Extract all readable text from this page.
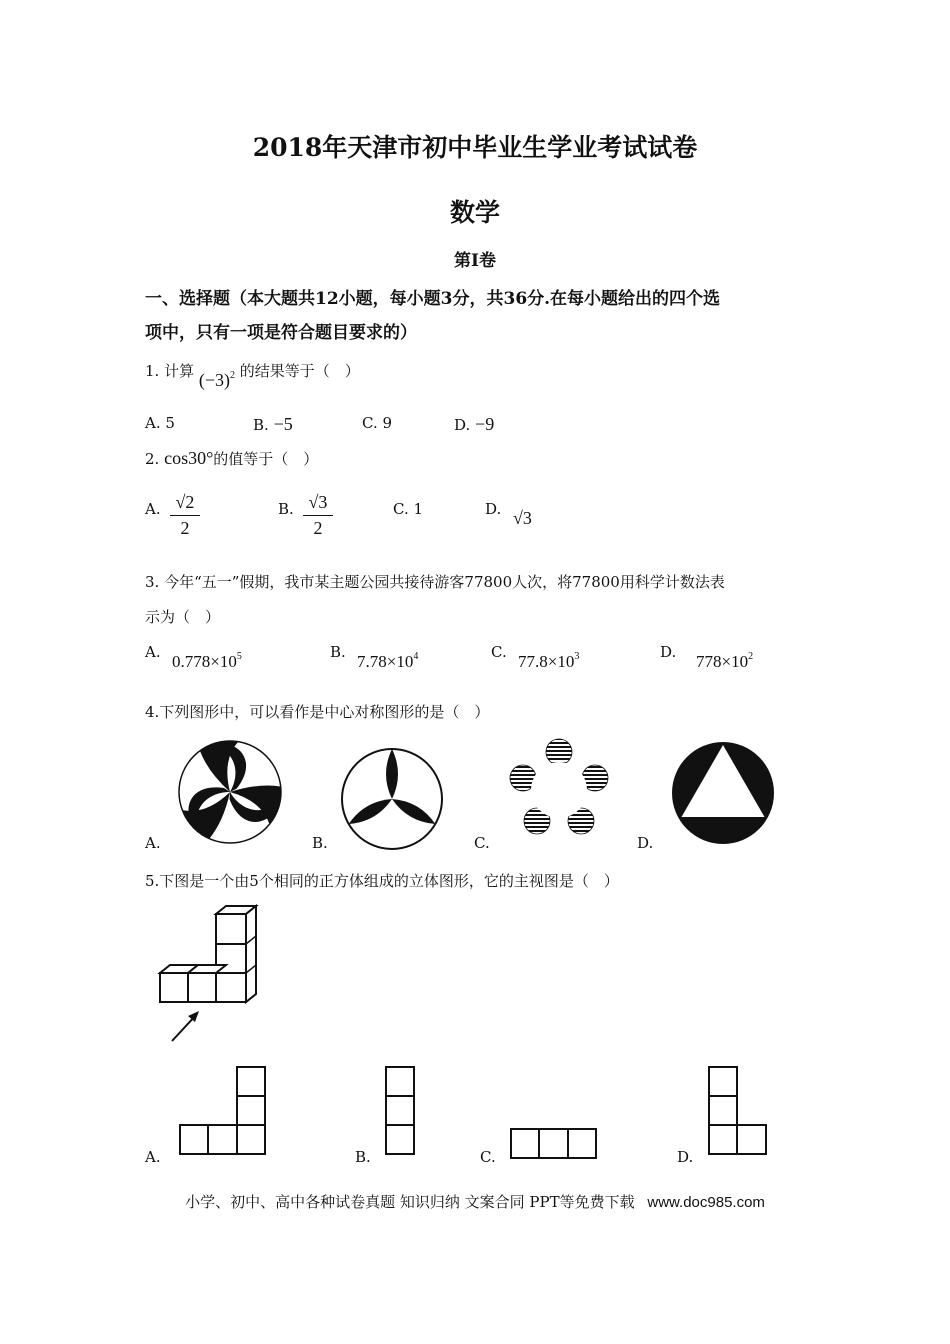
2018年天津市初中毕业生学业考试试卷
数学
第Ⅰ卷
一、选择题（本大题共12小题，每小题3分，共36分.在每小题给出的四个选
项中，只有一项是符合题目要求的）
1. 计算 $(-3)^2$ 的结果等于（　）
A. 5	B. −5	C. 9	D. −9
2. cos30°的值等于（　）
A. √2
2
B. √3
2
C. 1	D. √3
3. 今年“五一”假期，我市某主题公园共接待游客77800人次，将77800用科学计数法表
示为（　）
A. $0.778\times 10^5$	B. $7.78\times 10^4$	C. $77.8\times 10^3$	D. $778\times 10^2$
4.下列图形中，可以看作是中心对称图形的是（　）
A.	B.	C.	D.
5.下图是一个由5个相同的正方体组成的立体图形，它的主视图是（　）
A.	B.	C.	D.
小学、初中、高中各种试卷真题 知识归纳 文案合同 PPT等免费下载 www.doc985.com
